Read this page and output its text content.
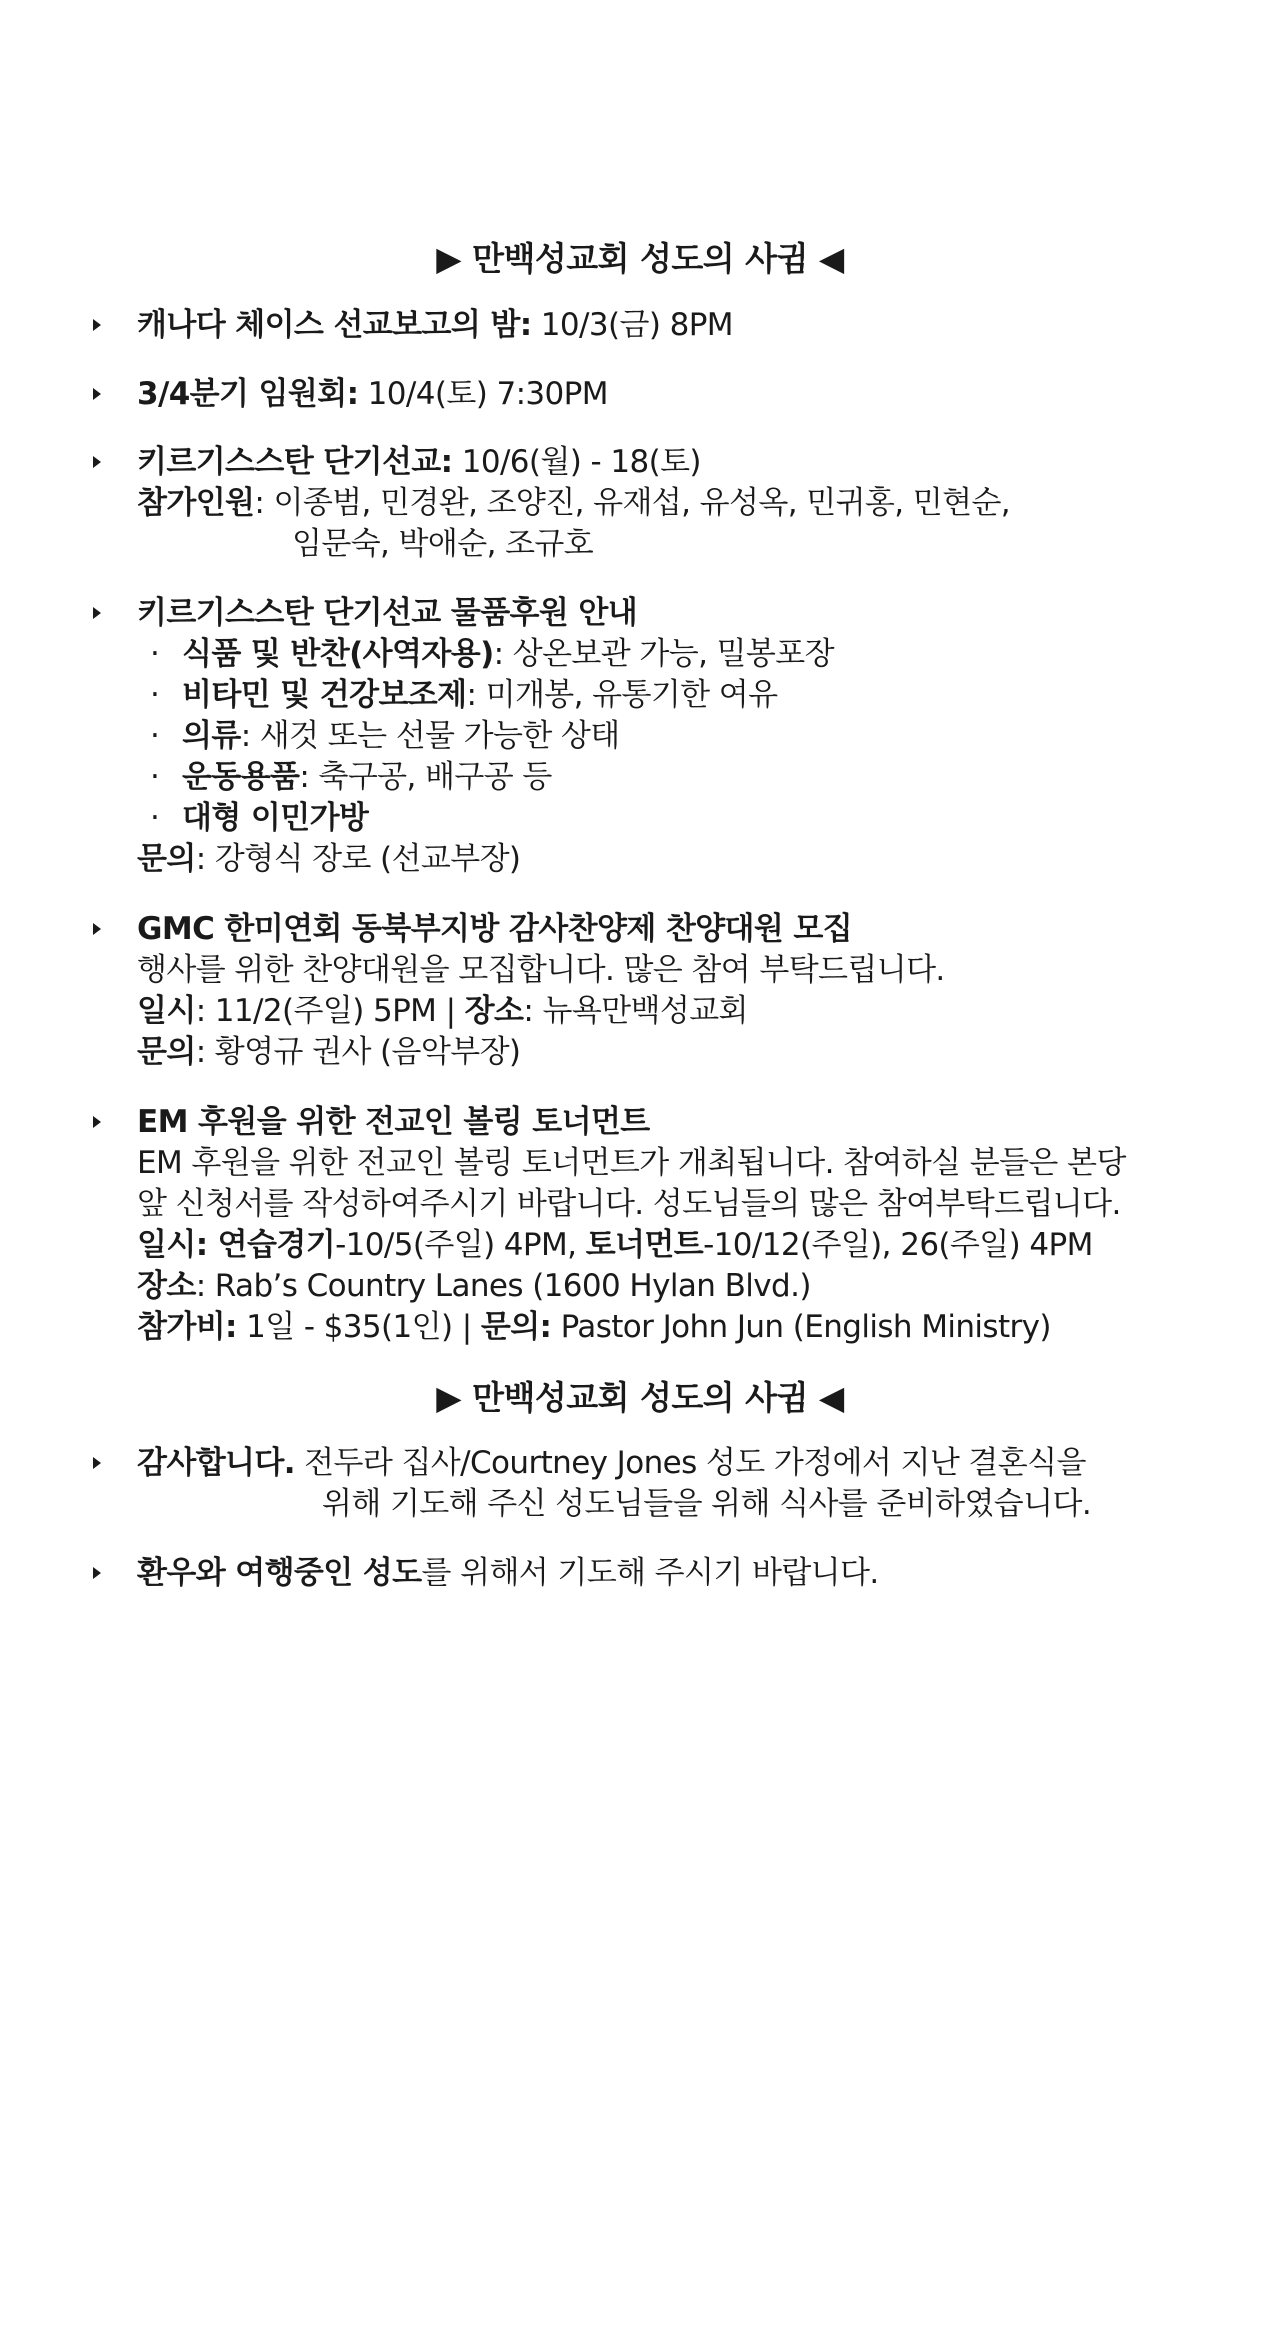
▶ 만백성교회 성도의 사귐 ◀
캐나다 체이스 선교보고의 밤: 10/3(금) 8PM
3/4분기 임원회: 10/4(토) 7:30PM
키르기스스탄 단기선교: 10/6(월) - 18(토)
참가인원: 이종범, 민경완, 조양진, 유재섭, 유성옥, 민귀홍, 민현순,
임문숙, 박애순, 조규호
키르기스스탄 단기선교 물품후원 안내
· 식품 및 반찬(사역자용): 상온보관 가능, 밀봉포장
· 비타민 및 건강보조제: 미개봉, 유통기한 여유
· 의류: 새것 또는 선물 가능한 상태
· 운동용품: 축구공, 배구공 등
· 대형 이민가방
문의: 강형식 장로 (선교부장)
GMC 한미연회 동북부지방 감사찬양제 찬양대원 모집
행사를 위한 찬양대원을 모집합니다. 많은 참여 부탁드립니다.
일시: 11/2(주일) 5PM | 장소: 뉴욕만백성교회
문의: 황영규 권사 (음악부장)
EM 후원을 위한 전교인 볼링 토너먼트
EM 후원을 위한 전교인 볼링 토너먼트가 개최됩니다. 참여하실 분들은 본당
앞 신청서를 작성하여주시기 바랍니다. 성도님들의 많은 참여부탁드립니다.
일시: 연습경기-10/5(주일) 4PM, 토너먼트-10/12(주일), 26(주일) 4PM
장소: Rab’s Country Lanes (1600 Hylan Blvd.)
참가비: 1일 - $35(1인) | 문의: Pastor John Jun (English Ministry)
▶ 만백성교회 성도의 사귐 ◀
감사합니다. 전두라 집사/Courtney Jones 성도 가정에서 지난 결혼식을
위해 기도해 주신 성도님들을 위해 식사를 준비하였습니다.
환우와 여행중인 성도를 위해서 기도해 주시기 바랍니다.
